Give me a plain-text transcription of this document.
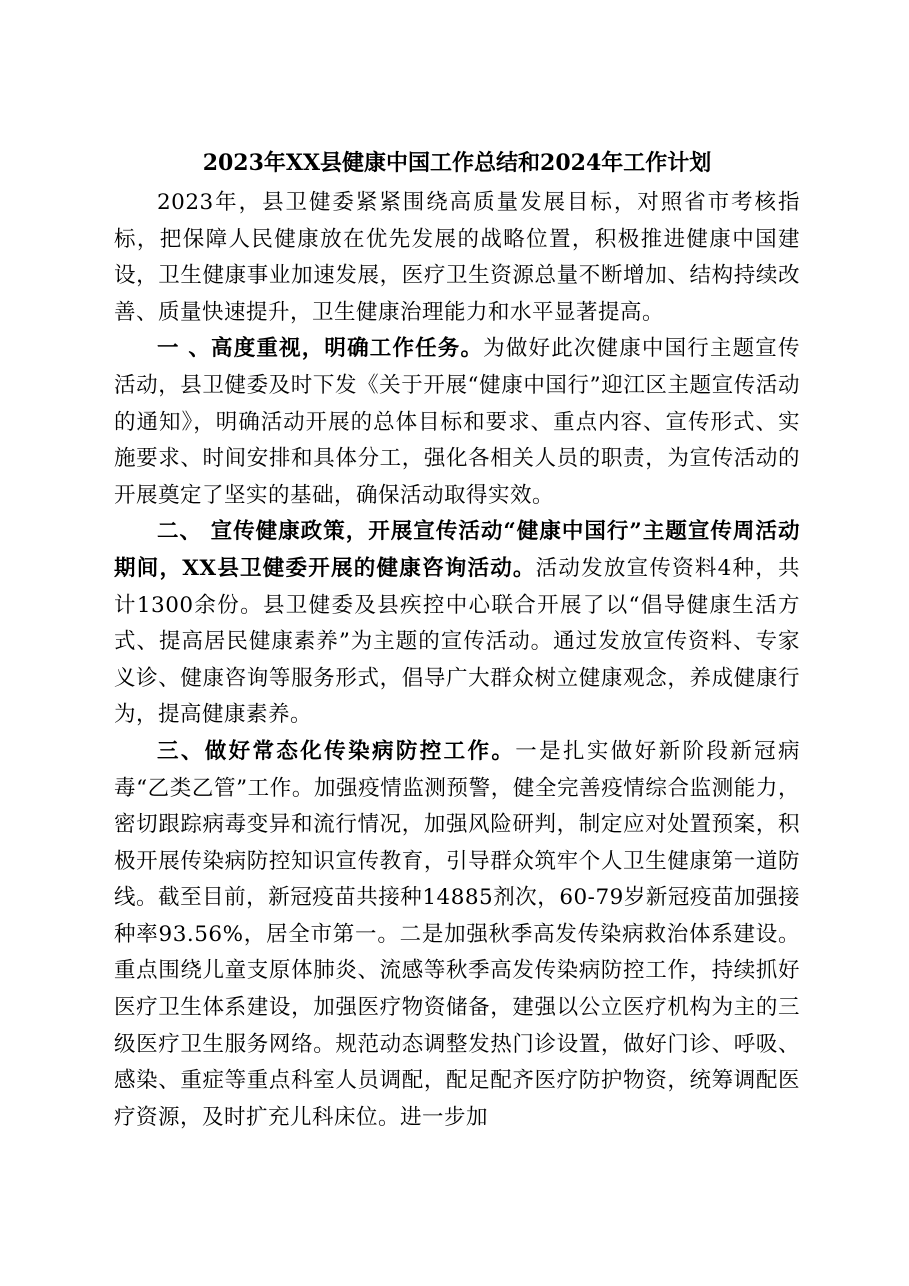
2023年XX县健康中国工作总结和2024年工作计划

2023年，县卫健委紧紧围绕高质量发展目标，对照省市考核指标，把保障人民健康放在优先发展的战略位置，积极推进健康中国建设，卫生健康事业加速发展，医疗卫生资源总量不断增加、结构持续改善、质量快速提升，卫生健康治理能力和水平显著提高。

一 、高度重视，明确工作任务。为做好此次健康中国行主题宣传活动，县卫健委及时下发《关于开展“健康中国行”迎江区主题宣传活动的通知》，明确活动开展的总体目标和要求、重点内容、宣传形式、实施要求、时间安排和具体分工，强化各相关人员的职责，为宣传活动的开展奠定了坚实的基础，确保活动取得实效。

二、 宣传健康政策，开展宣传活动“健康中国行”主题宣传周活动期间，XX县卫健委开展的健康咨询活动。活动发放宣传资料4种，共计1300余份。县卫健委及县疾控中心联合开展了以“倡导健康生活方式、提高居民健康素养”为主题的宣传活动。通过发放宣传资料、专家义诊、健康咨询等服务形式，倡导广大群众树立健康观念，养成健康行为，提高健康素养。

三、做好常态化传染病防控工作。一是扎实做好新阶段新冠病毒“乙类乙管”工作。加强疫情监测预警，健全完善疫情综合监测能力，密切跟踪病毒变异和流行情况，加强风险研判，制定应对处置预案，积极开展传染病防控知识宣传教育，引导群众筑牢个人卫生健康第一道防线。截至目前，新冠疫苗共接种14885剂次，60-79岁新冠疫苗加强接种率93.56%，居全市第一。二是加强秋季高发传染病救治体系建设。重点围绕儿童支原体肺炎、流感等秋季高发传染病防控工作，持续抓好医疗卫生体系建设，加强医疗物资储备，建强以公立医疗机构为主的三级医疗卫生服务网络。规范动态调整发热门诊设置，做好门诊、呼吸、感染、重症等重点科室人员调配，配足配齐医疗防护物资，统筹调配医疗资源，及时扩充儿科床位。进一步加
